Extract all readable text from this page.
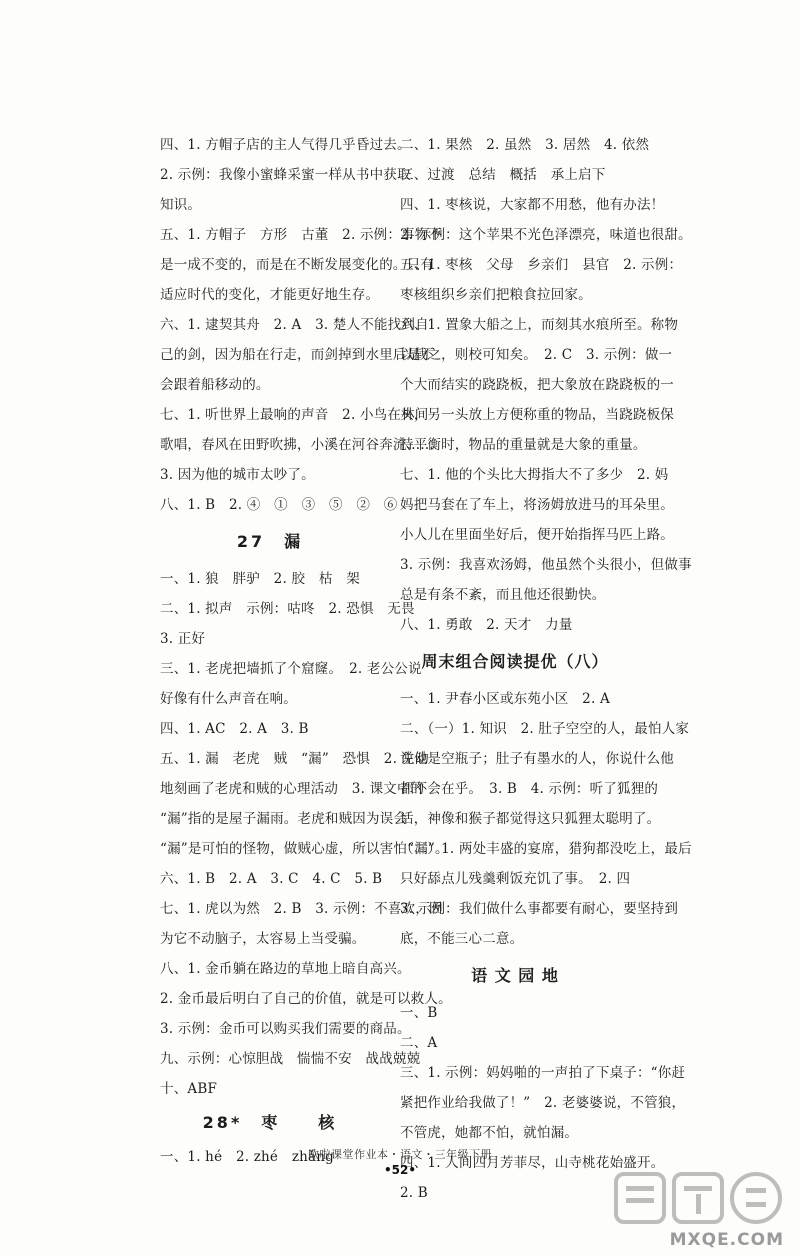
四、1. 方帽子店的主人气得几乎昏过去。
2. 示例：我像小蜜蜂采蜜一样从书中获取
知识。
五、1. 方帽子　方形　古董　2. 示例：事物不
是一成不变的，而是在不断发展变化的。只有
适应时代的变化，才能更好地生存。
六、1. 逮契其舟　2. A　3. 楚人不能找到自
己的剑，因为船在行走，而剑掉到水里后是不
会跟着船移动的。
七、1. 听世界上最响的声音　2. 小鸟在林间
歌唱，春风在田野吹拂，小溪在河谷奔流……
3. 因为他的城市太吵了。
八、1. B　2. ④　①　③　⑤　②　⑥
27　漏
一、1. 狼　胖驴　2. 胶　枯　架
二、1. 拟声　示例：咕咚　2. 恐惧　无畏
3. 正好
三、1. 老虎把墙抓了个窟窿。　2. 老公公说
好像有什么声音在响。
四、1. AC　2. A　3. B
五、1. 漏　老虎　贼　“漏”　恐惧　2. 生动
地刻画了老虎和贼的心理活动　3. 课文中的
“漏”指的是屋子漏雨。老虎和贼因为误会
“漏”是可怕的怪物，做贼心虚，所以害怕“漏”。
六、1. B　2. A　3. C　4. C　5. B
七、1. 虎以为然　2. B　3. 示例：不喜欢，因
为它不动脑子，太容易上当受骗。
八、1. 金币躺在路边的草地上暗自高兴。
2. 金币最后明白了自己的价值，就是可以救人。
3. 示例：金币可以购买我们需要的商品。
九、示例：心惊胆战　惴惴不安　战战兢兢
十、ABF
28*　枣　　核
一、1. hé　2. zhé　zhǎng
二、1. 果然　2. 虽然　3. 居然　4. 依然
三、过渡　总结　概括　承上启下
四、1. 枣核说，大家都不用愁，他有办法！
2. 示例：这个苹果不光色泽漂亮，味道也很甜。
五、1. 枣核　父母　乡亲们　县官　2. 示例：
枣核组织乡亲们把粮食拉回家。
六、1. 置象大船之上，而刻其水痕所至。称物
以载之，则校可知矣。　2. C　3. 示例：做一
个大而结实的跷跷板，把大象放在跷跷板的一
头，另一头放上方便称重的物品，当跷跷板保
持平衡时，物品的重量就是大象的重量。
七、1. 他的个头比大拇指大不了多少　2. 妈
妈把马套在了车上，将汤姆放进马的耳朵里。
小人儿在里面坐好后，便开始指挥马匹上路。
3. 示例：我喜欢汤姆，他虽然个头很小，但做事
总是有条不紊，而且他还很勤快。
八、1. 勇敢　2. 天才　力量
周末组合阅读提优（八）
一、1. 尹春小区或东苑小区　2. A
二、（一）1. 知识　2. 肚子空空的人，最怕人家
说他是空瓶子；肚子有墨水的人，你说什么他
都不会在乎。　3. B　4. 示例：听了狐狸的
话，神像和猴子都觉得这只狐狸太聪明了。
（二）1. 两处丰盛的宴席，猎狗都没吃上，最后
只好舔点儿残羹剩饭充饥了事。　2. 四
3. 示例：我们做什么事都要有耐心，要坚持到
底，不能三心二意。
语 文 园 地
一、B
二、A
三、1. 示例：妈妈啪的一声拍了下桌子：“你赶
紧把作业给我做了！”　2. 老婆婆说，不管狼，
不管虎，她都不怕，就怕漏。
四、1. 人间四月芳菲尽，山寺桃花始盛开。
2. B
欧啦课堂作业本・语文・三年级下册
•52•
MXQE.COM
